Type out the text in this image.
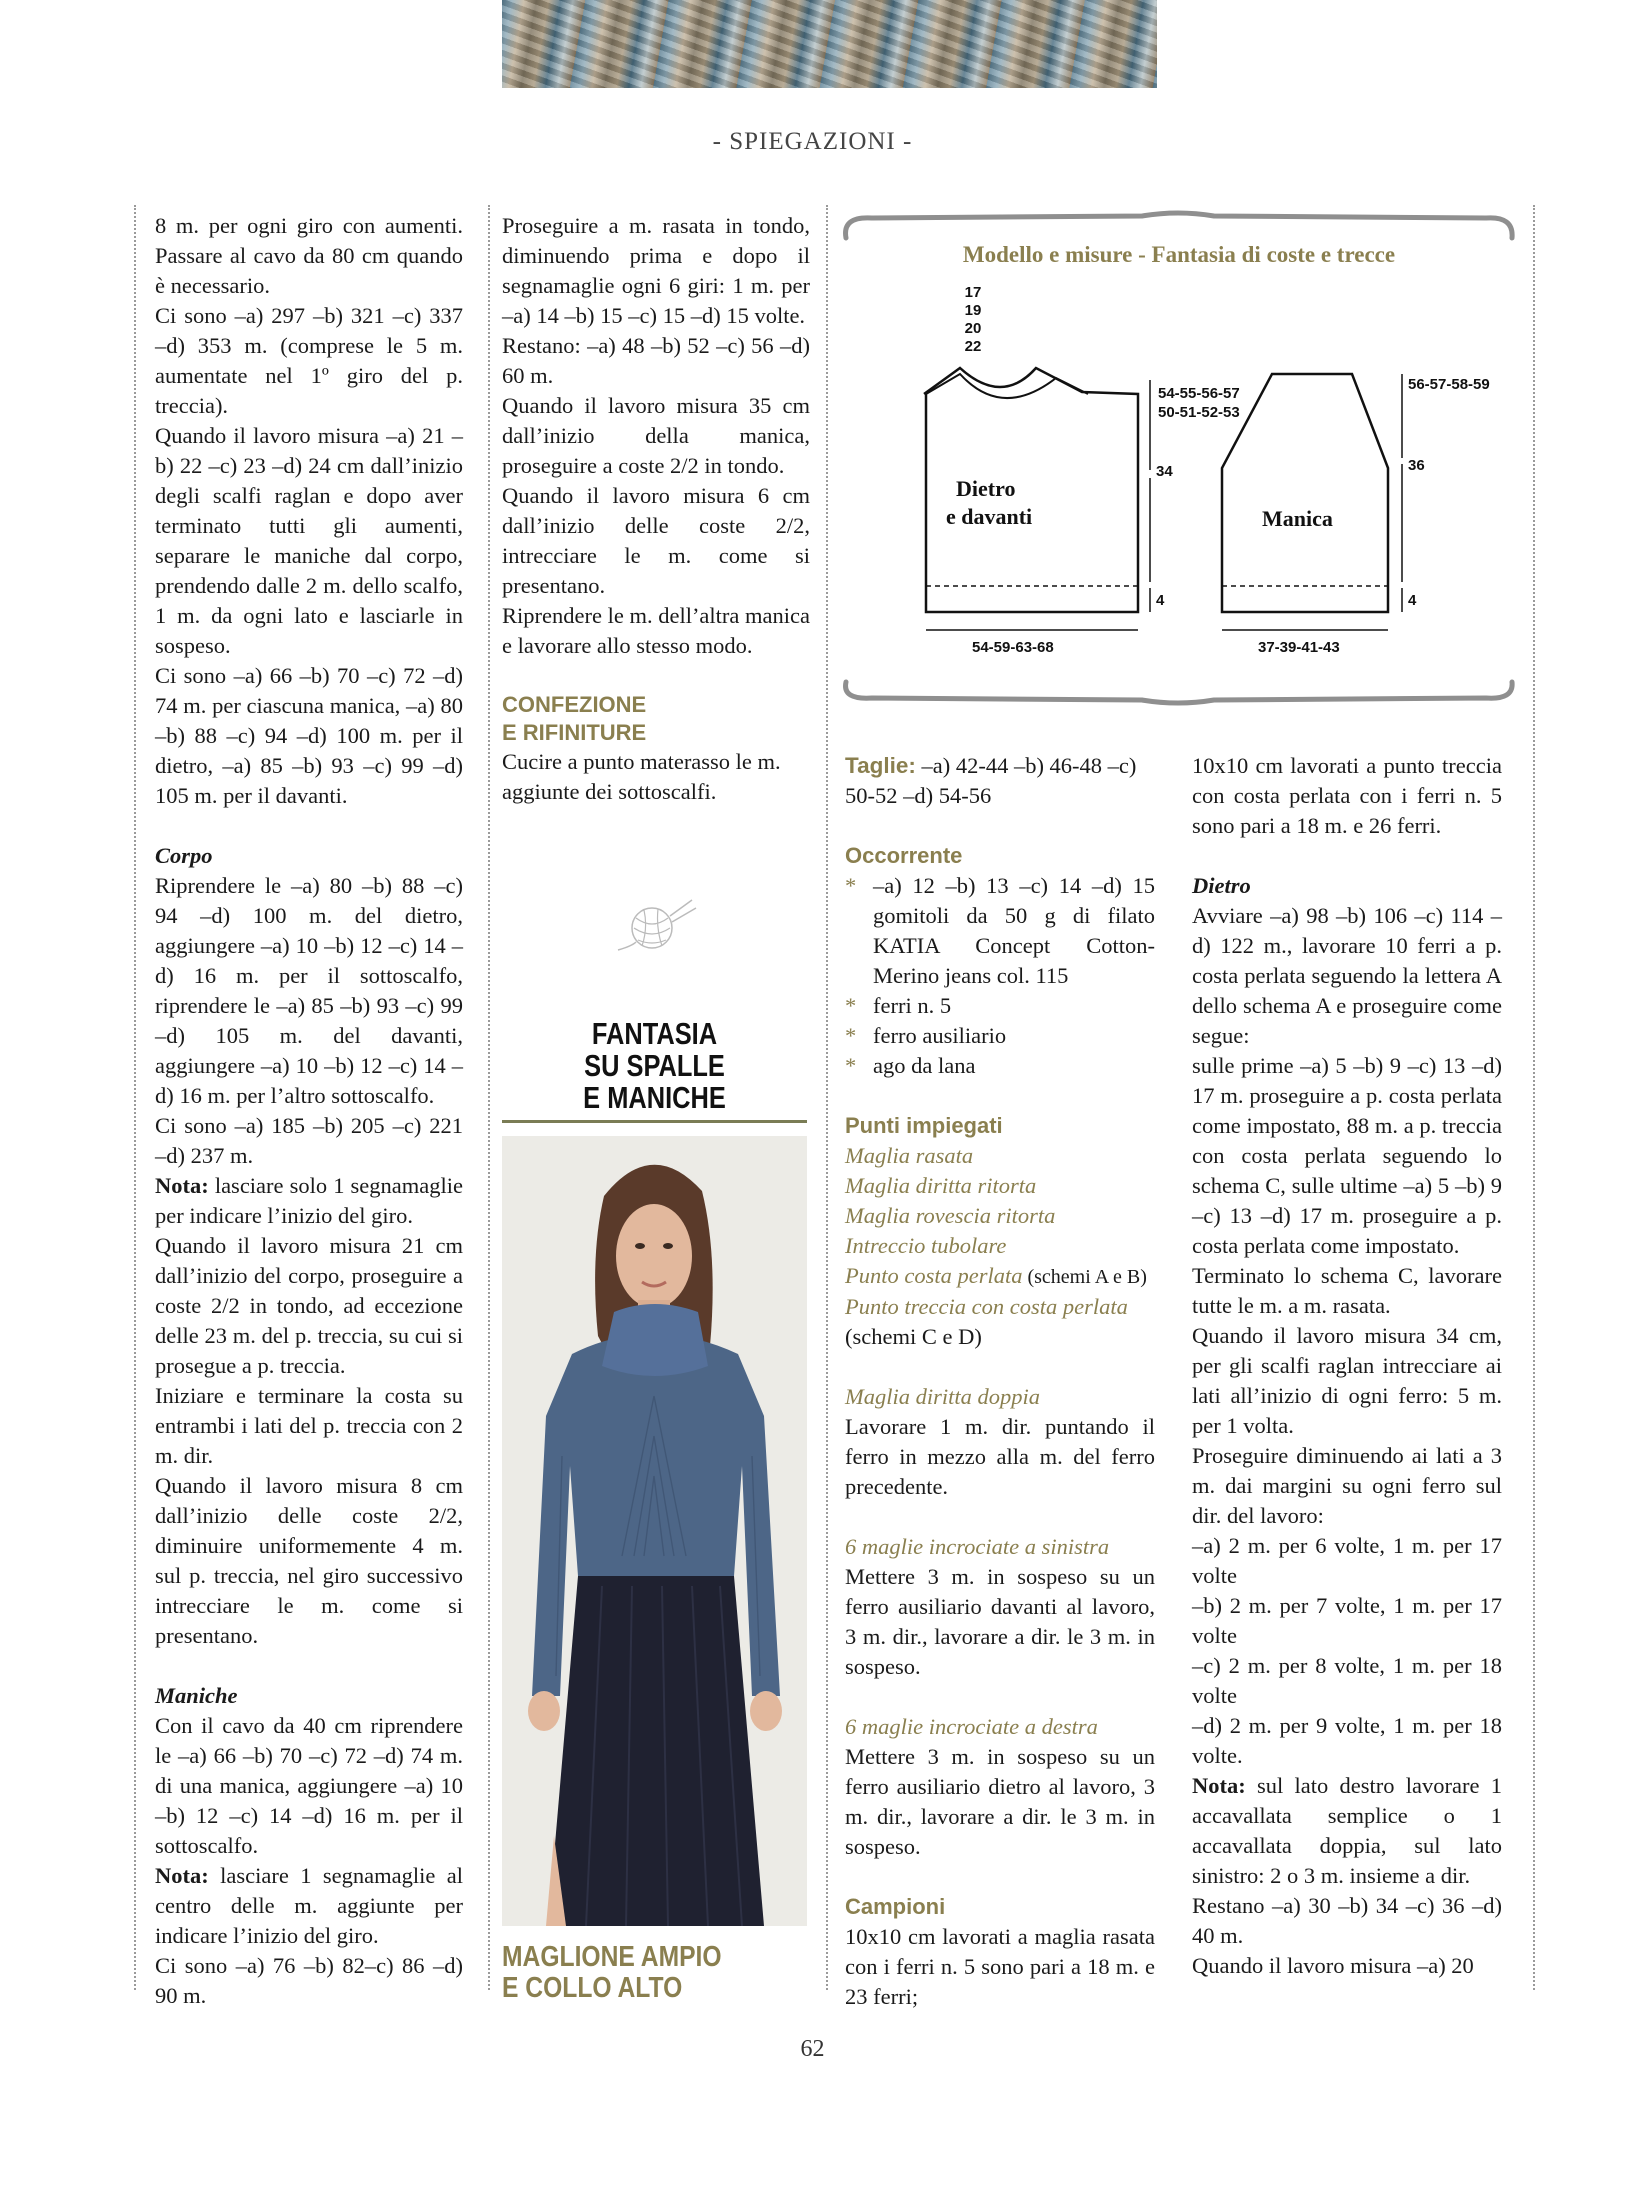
- SPIEGAZIONI -

8 m. per ogni giro con aumenti. Passare al cavo da 80 cm quando è necessario.

Ci sono –a) 297 –b) 321 –c) 337 –d) 353 m. (comprese le 5 m. aumentate nel 1º giro del p. treccia).

Quando il lavoro misura –a) 21 –b) 22 –c) 23 –d) 24 cm dall’inizio degli scalfi raglan e dopo aver terminato tutti gli aumenti, separare le maniche dal corpo, prendendo dalle 2 m. dello scalfo, 1 m. da ogni lato e lasciarle in sospeso.

Ci sono –a) 66 –b) 70 –c) 72 –d) 74 m. per ciascuna manica, –a) 80 –b) 88 –c) 94 –d) 100 m. per il dietro, –a) 85 –b) 93 –c) 99 –d) 105 m. per il davanti.

Corpo

Riprendere le –a) 80 –b) 88 –c) 94 –d) 100 m. del dietro, aggiungere –a) 10 –b) 12 –c) 14 –d) 16 m. per il sottoscalfo, riprendere le –a) 85 –b) 93 –c) 99 –d) 105 m. del davanti, aggiungere –a) 10 –b) 12 –c) 14 –d) 16 m. per l’altro sottoscalfo.

Ci sono –a) 185 –b) 205 –c) 221 –d) 237 m.

Nota: lasciare solo 1 segnamaglie per indicare l’inizio del giro.

Quando il lavoro misura 21 cm dall’inizio del corpo, proseguire a coste 2/2 in tondo, ad eccezione delle 23 m. del p. treccia, su cui si prosegue a p. treccia.

Iniziare e terminare la costa su entrambi i lati del p. treccia con 2 m. dir.

Quando il lavoro misura 8 cm dall’inizio delle coste 2/2, diminuire uniformemente 4 m. sul p. treccia, nel giro successivo intrecciare le m. come si presentano.

Maniche

Con il cavo da 40 cm riprendere le –a) 66 –b) 70 –c) 72 –d) 74 m. di una manica, aggiungere –a) 10 –b) 12 –c) 14 –d) 16 m. per il sottoscalfo.

Nota: lasciare 1 segnamaglie al centro delle m. aggiunte per indicare l’inizio del giro.

Ci sono –a) 76 –b) 82–c) 86 –d) 90 m.

Proseguire a m. rasata in tondo, diminuendo prima e dopo il segnamaglie ogni 6 giri: 1 m. per –a) 14 –b) 15 –c) 15 –d) 15 volte.

Restano: –a) 48 –b) 52 –c) 56 –d) 60 m.

Quando il lavoro misura 35 cm dall’inizio della manica, proseguire a coste 2/2 in tondo.

Quando il lavoro misura 6 cm dall’inizio delle coste 2/2, intrecciare le m. come si presentano.

Riprendere le m. dell’altra manica e lavorare allo stesso modo.

CONFEZIONE
E RIFINITURE

Cucire a punto materasso le m. aggiunte dei sottoscalfi.

FANTASIA
SU SPALLE
E MANICHE
MAGLIONE AMPIO
E COLLO ALTO
Modello e misure - Fantasia di coste e trecce
17
19
20
22
Dietro
e davanti
54-55-56-57
50-51-52-53
34
4
54-59-63-68
Manica
56-57-58-59
36
4
37-39-41-43

Taglie: –a) 42-44 –b) 46-48 –c) 50-52 –d) 54-56

Occorrente

* –a) 12 –b) 13 –c) 14 –d) 15 gomitoli da 50 g di filato KATIA Concept Cotton-Merino jeans col. 115

* ferri n. 5

* ferro ausiliario

* ago da lana

Punti impiegati

Maglia rasata

Maglia diritta ritorta

Maglia rovescia ritorta

Intreccio tubolare

Punto costa perlata (schemi A e B)

Punto treccia con costa perlata

(schemi C e D)

Maglia diritta doppia

Lavorare 1 m. dir. puntando il ferro in mezzo alla m. del ferro precedente.

6 maglie incrociate a sinistra

Mettere 3 m. in sospeso su un ferro ausiliario davanti al lavoro, 3 m. dir., lavorare a dir. le 3 m. in sospeso.

6 maglie incrociate a destra

Mettere 3 m. in sospeso su un ferro ausiliario dietro al lavoro, 3 m. dir., lavorare a dir. le 3 m. in sospeso.

Campioni

10x10 cm lavorati a maglia rasata con i ferri n. 5 sono pari a 18 m. e 23 ferri;

10x10 cm lavorati a punto treccia con costa perlata con i ferri n. 5 sono pari a 18 m. e 26 ferri.

Dietro

Avviare –a) 98 –b) 106 –c) 114 –d) 122 m., lavorare 10 ferri a p. costa perlata seguendo la lettera A dello schema A e proseguire come segue:

sulle prime –a) 5 –b) 9 –c) 13 –d) 17 m. proseguire a p. costa perlata come impostato, 88 m. a p. treccia con costa perlata seguendo lo schema C, sulle ultime –a) 5 –b) 9 –c) 13 –d) 17 m. proseguire a p. costa perlata come impostato.

Terminato lo schema C, lavorare tutte le m. a m. rasata.

Quando il lavoro misura 34 cm, per gli scalfi raglan intrecciare ai lati all’inizio di ogni ferro: 5 m. per 1 volta.

Proseguire diminuendo ai lati a 3 m. dai margini su ogni ferro sul dir. del lavoro:

–a) 2 m. per 6 volte, 1 m. per 17 volte

–b) 2 m. per 7 volte, 1 m. per 17 volte

–c) 2 m. per 8 volte, 1 m. per 18 volte

–d) 2 m. per 9 volte, 1 m. per 18 volte.

Nota: sul lato destro lavorare 1 accavallata semplice o 1 accavallata doppia, sul lato sinistro: 2 o 3 m. insieme a dir.

Restano –a) 30 –b) 34 –c) 36 –d) 40 m.

Quando il lavoro misura –a) 20

62
